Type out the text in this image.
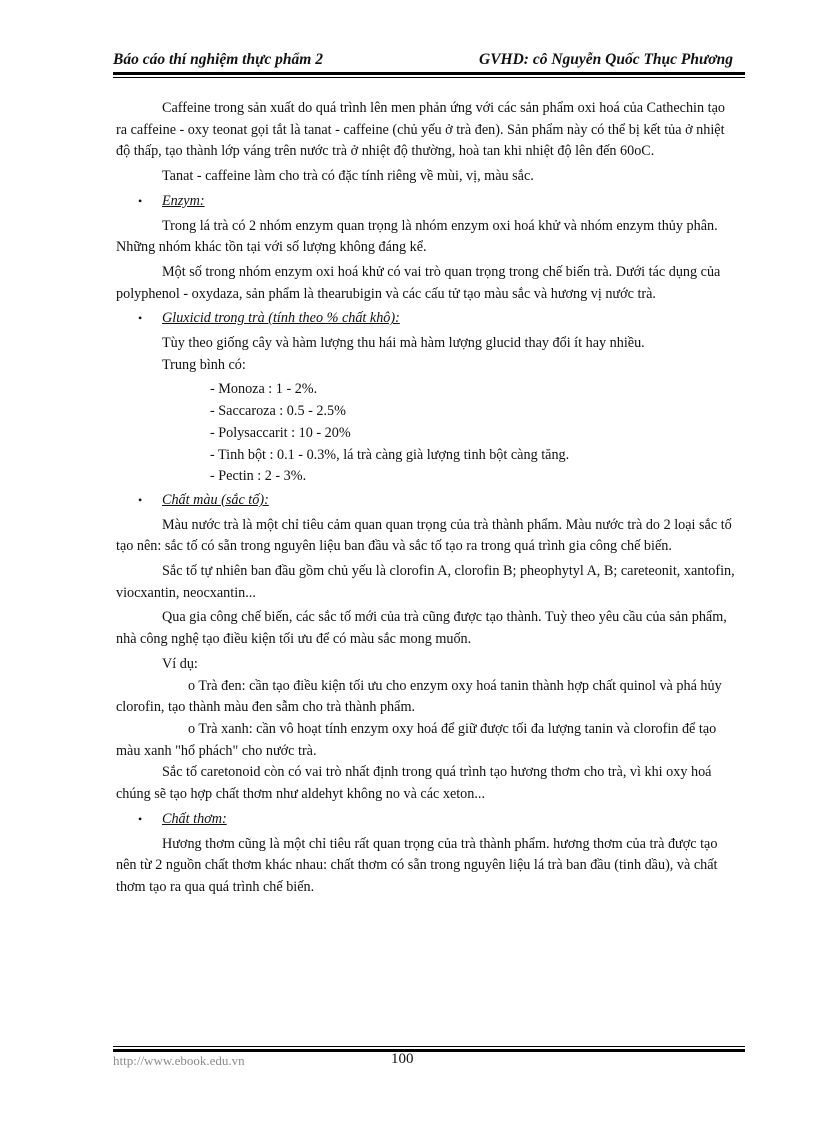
Báo cáo thí nghiệm thực phẩm 2	GVHD: cô Nguyễn Quốc Thục Phương

Caffeine trong sản xuất do quá trình lên men phản ứng với các sản phẩm oxi hoá của Cathechin tạo ra caffeine - oxy teonat gọi tắt là tanat - caffeine (chủ yếu ở trà đen). Sản phẩm này có thể bị kết tủa ở nhiệt độ thấp, tạo thành lớp váng trên nước trà ở nhiệt độ thường, hoà tan khi nhiệt độ lên đến 60oC.

Tanat - caffeine làm cho trà có đặc tính riêng về mùi, vị, màu sắc.

• Enzym:

Trong lá trà có 2 nhóm enzym quan trọng là nhóm enzym oxi hoá khử và nhóm enzym thủy phân. Những nhóm khác tồn tại với số lượng không đáng kể.

Một số trong nhóm enzym oxi hoá khử có vai trò quan trọng trong chế biến trà. Dưới tác dụng của polyphenol - oxydaza, sản phẩm là thearubigin và các cấu tử tạo màu sắc và hương vị nước trà.

• Gluxicid trong trà (tính theo % chất khô):

Tùy theo giống cây và hàm lượng thu hái mà hàm lượng glucid thay đổi ít hay nhiều.

Trung bình có:

- Monoza : 1 - 2%.

- Saccaroza : 0.5 - 2.5%

- Polysaccarit : 10 - 20%

- Tinh bột : 0.1 - 0.3%, lá trà càng già lượng tinh bột càng tăng.

- Pectin : 2 - 3%.

• Chất màu (sắc tố):

Màu nước trà là một chỉ tiêu cảm quan quan trọng của trà thành phẩm. Màu nước trà do 2 loại sắc tố tạo nên: sắc tố có sẵn trong nguyên liệu ban đầu và sắc tố tạo ra trong quá trình gia công chế biến.

Sắc tố tự nhiên ban đầu gồm chủ yếu là clorofin A, clorofin B; pheophytyl A, B; careteonit, xantofin, viocxantin, neocxantin...

Qua gia công chế biến, các sắc tố mới của trà cũng được tạo thành. Tuỳ theo yêu cầu của sản phẩm, nhà công nghệ tạo điều kiện tối ưu để có màu sắc mong muốn.

Ví dụ:

o Trà đen: cần tạo điều kiện tối ưu cho enzym oxy hoá tanin thành hợp chất quinol và phá hủy clorofin, tạo thành màu đen sẫm cho trà thành phẩm.

o Trà xanh: cần vô hoạt tính enzym oxy hoá để giữ được tối đa lượng tanin và clorofin để tạo màu xanh "hổ phách" cho nước trà.

Sắc tố caretonoid còn có vai trò nhất định trong quá trình tạo hương thơm cho trà, vì khi oxy hoá chúng sẽ tạo hợp chất thơm như aldehyt không no và các xeton...

• Chất thơm:

Hương thơm cũng là một chỉ tiêu rất quan trọng của trà thành phẩm. hương thơm của trà được tạo nên từ 2 nguồn chất thơm khác nhau: chất thơm có sẵn trong nguyên liệu lá trà ban đầu (tinh dầu), và chất thơm tạo ra qua quá trình chế biến.

http://www.ebook.edu.vn	100
